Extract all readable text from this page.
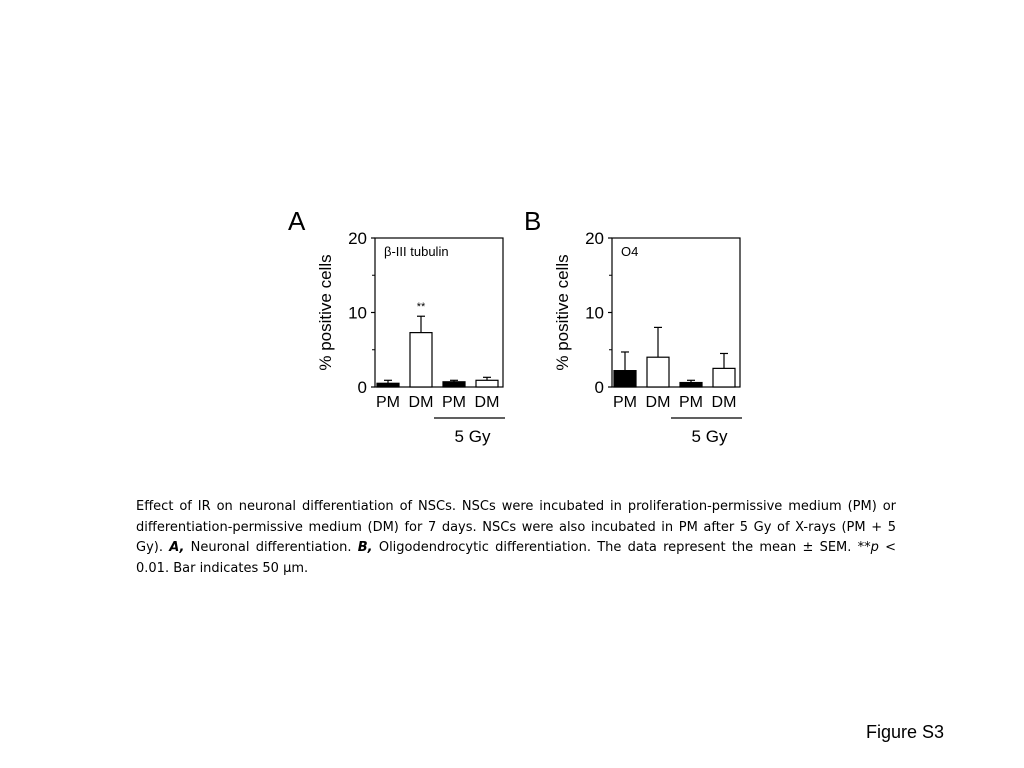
A	B
0
10
20
% positive cells
β-III tubulin
PM DM PM DM
**
5 Gy
0
10
20
% positive cells
O4
PM DM PM DM
5 Gy
Effect of IR on neuronal differentiation of NSCs. NSCs were incubated in proliferation-permissive medium (PM) or differentiation-permissive medium (DM) for 7 days. NSCs were also incubated in PM after 5 Gy of X-rays (PM + 5 Gy). A, Neuronal differentiation. B, Oligodendrocytic differentiation. The data represent the mean ± SEM. **p < 0.01. Bar indicates 50 µm.
Figure S3
